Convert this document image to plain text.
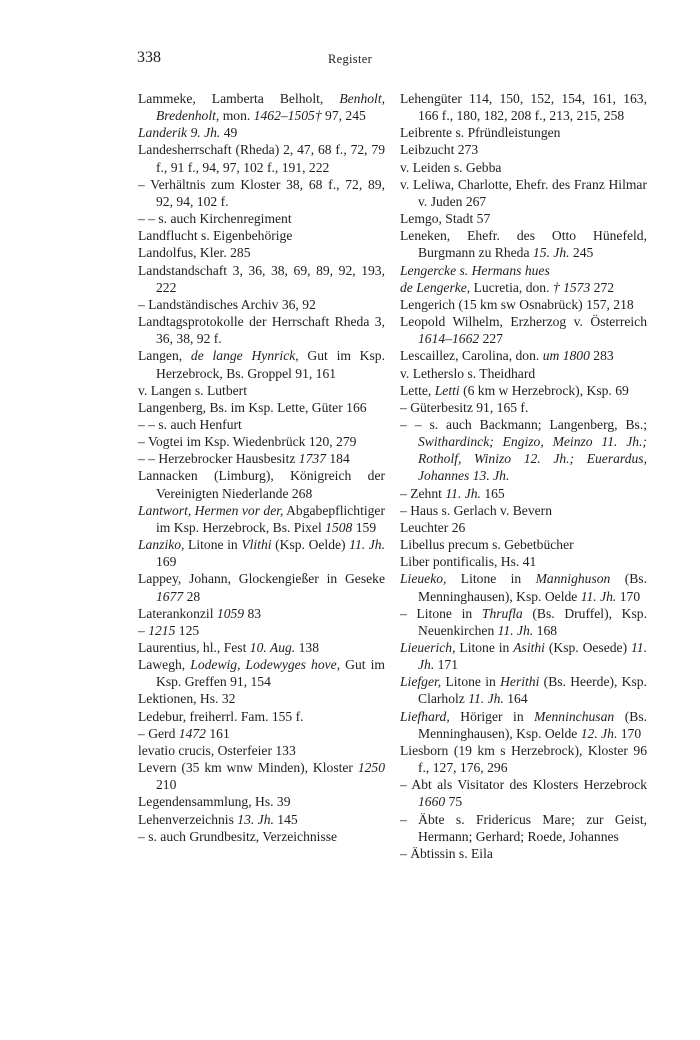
338	Register
Lammeke, Lamberta Belholt, Benholt, Bredenholt, mon. 1462–1505† 97, 245
Landerik 9. Jh. 49
Landesherrschaft (Rheda) 2, 47, 68 f., 72, 79 f., 91 f., 94, 97, 102 f., 191, 222
– Verhältnis zum Kloster 38, 68 f., 72, 89, 92, 94, 102 f.
– – s. auch Kirchenregiment
Landflucht s. Eigenbehörige
Landolfus, Kler. 285
Landstandschaft 3, 36, 38, 69, 89, 92, 193, 222
– Landständisches Archiv 36, 92
Landtagsprotokolle der Herrschaft Rheda 3, 36, 38, 92 f.
Langen, de lange Hynrick, Gut im Ksp. Herzebrock, Bs. Groppel 91, 161
v. Langen s. Lutbert
Langenberg, Bs. im Ksp. Lette, Güter 166
– – s. auch Henfurt
– Vogtei im Ksp. Wiedenbrück 120, 279
– – Herzebrocker Hausbesitz 1737 184
Lannacken (Limburg), Königreich der Vereinigten Niederlande 268
Lantwort, Hermen vor der, Abgabepflichtiger im Ksp. Herzebrock, Bs. Pixel 1508 159
Lanziko, Litone in Vlithi (Ksp. Oelde) 11. Jh. 169
Lappey, Johann, Glockengießer in Geseke 1677 28
Laterankonzil 1059 83
– 1215 125
Laurentius, hl., Fest 10. Aug. 138
Lawegh, Lodewig, Lodewyges hove, Gut im Ksp. Greffen 91, 154
Lektionen, Hs. 32
Ledebur, freiherrl. Fam. 155 f.
– Gerd 1472 161
levatio crucis, Osterfeier 133
Levern (35 km wnw Minden), Kloster 1250 210
Legendensammlung, Hs. 39
Lehenverzeichnis 13. Jh. 145
– s. auch Grundbesitz, Verzeichnisse
Lehengüter 114, 150, 152, 154, 161, 163, 166 f., 180, 182, 208 f., 213, 215, 258
Leibrente s. Pfründleistungen
Leibzucht 273
v. Leiden s. Gebba
v. Leliwa, Charlotte, Ehefr. des Franz Hilmar v. Juden 267
Lemgo, Stadt 57
Leneken, Ehefr. des Otto Hünefeld, Burgmann zu Rheda 15. Jh. 245
Lengercke s. Hermans hues
de Lengerke, Lucretia, don. † 1573 272
Lengerich (15 km sw Osnabrück) 157, 218
Leopold Wilhelm, Erzherzog v. Österreich 1614–1662 227
Lescaillez, Carolina, don. um 1800 283
v. Letherslo s. Theidhard
Lette, Letti (6 km w Herzebrock), Ksp. 69
– Güterbesitz 91, 165 f.
– – s. auch Backmann; Langenberg, Bs.; Swithardinck; Engizo, Meinzo 11. Jh.; Rotholf, Winizo 12. Jh.; Euerardus, Johannes 13. Jh.
– Zehnt 11. Jh. 165
– Haus s. Gerlach v. Bevern
Leuchter 26
Libellus precum s. Gebetbücher
Liber pontificalis, Hs. 41
Lieueko, Litone in Mannighuson (Bs. Menninghausen), Ksp. Oelde 11. Jh. 170
– Litone in Thrufla (Bs. Druffel), Ksp. Neuenkirchen 11. Jh. 168
Lieuerich, Litone in Asithi (Ksp. Oesede) 11. Jh. 171
Liefger, Litone in Herithi (Bs. Heerde), Ksp. Clarholz 11. Jh. 164
Liefhard, Höriger in Menninchusan (Bs. Menninghausen), Ksp. Oelde 12. Jh. 170
Liesborn (19 km s Herzebrock), Kloster 96 f., 127, 176, 296
– Abt als Visitator des Klosters Herzebrock 1660 75
– Äbte s. Fridericus Mare; zur Geist, Hermann; Gerhard; Roede, Johannes
– Äbtissin s. Eila
